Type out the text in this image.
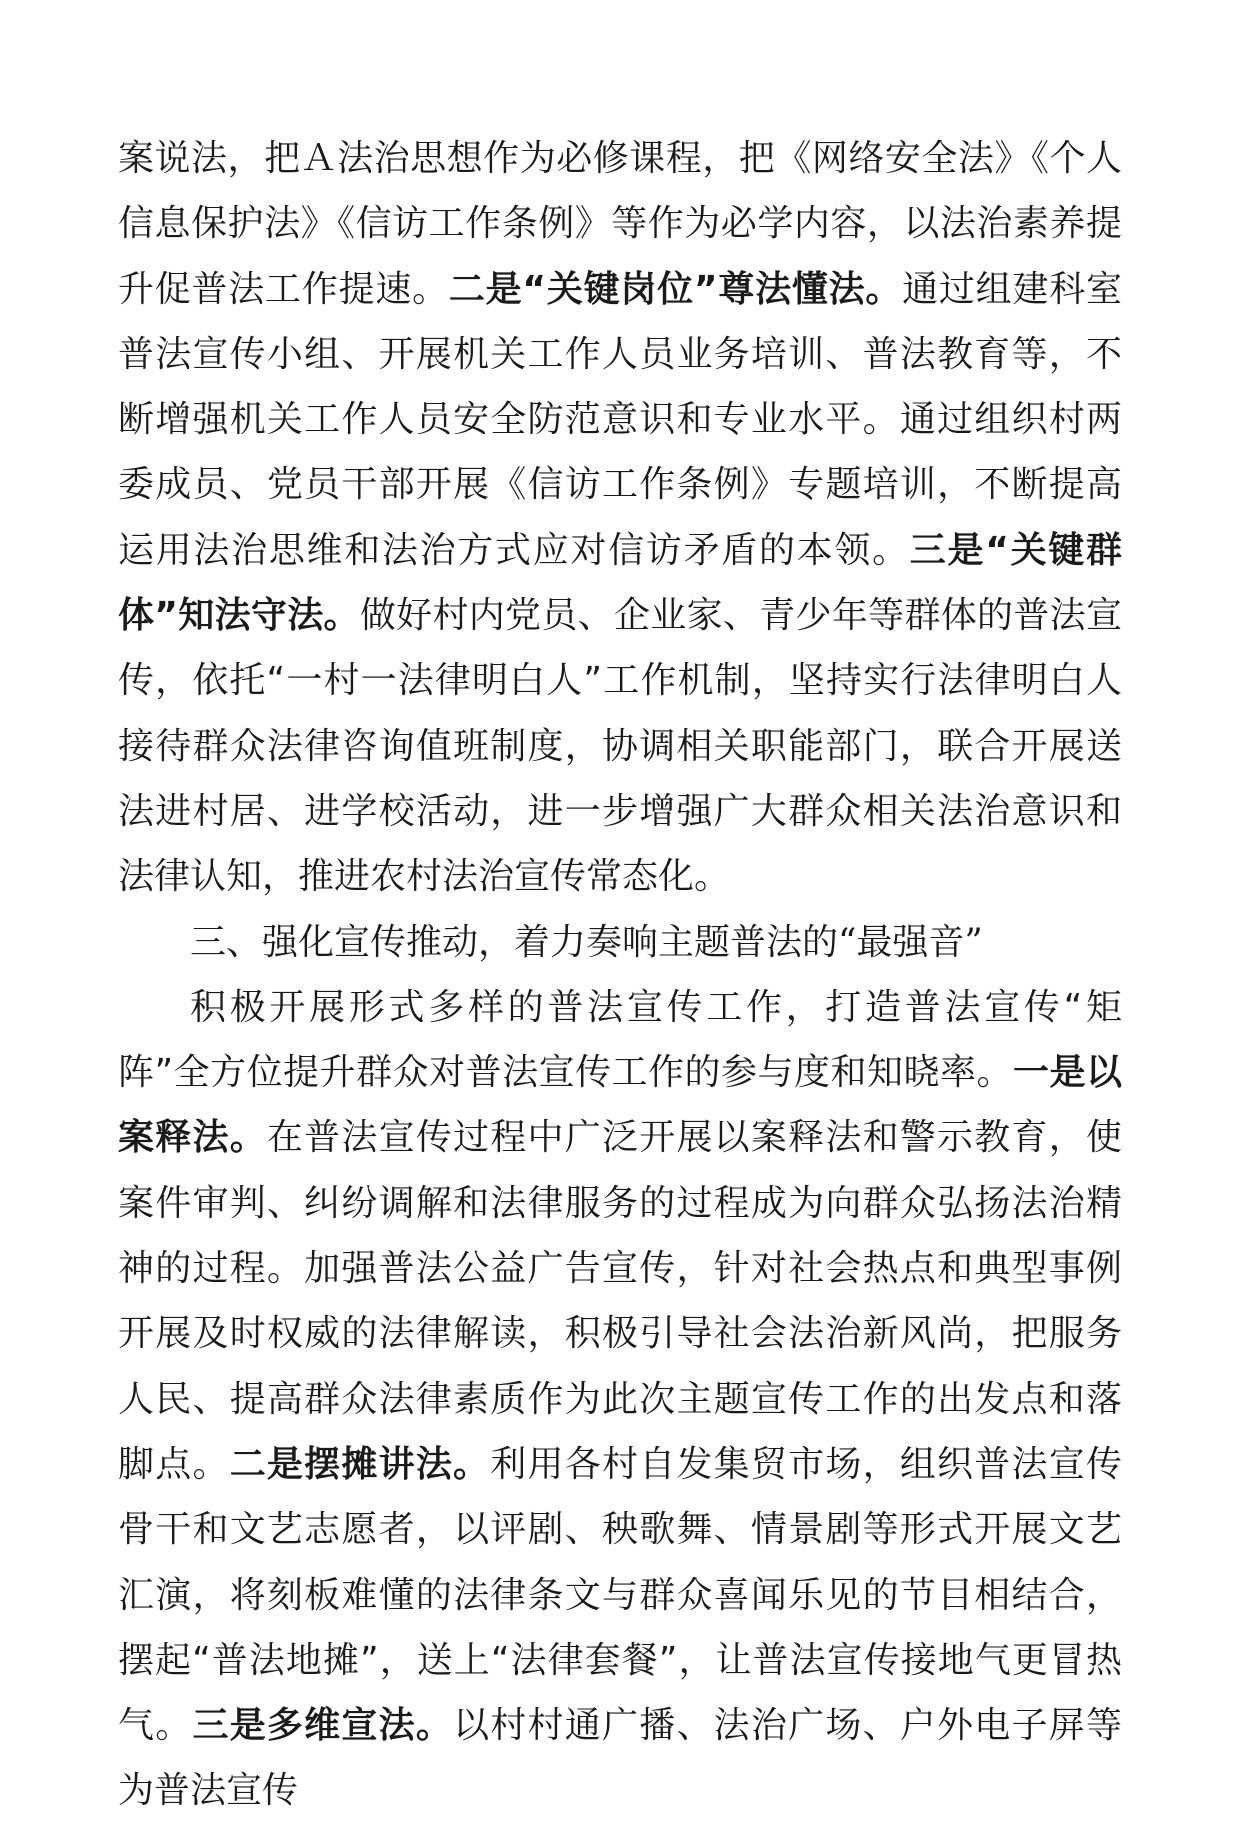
案说法，把Ａ法治思想作为必修课程，把《网络安全法》《个人信息保护法》《信访工作条例》等作为必学内容，以法治素养提升促普法工作提速。二是“关键岗位”尊法懂法。通过组建科室普法宣传小组、开展机关工作人员业务培训、普法教育等，不断增强机关工作人员安全防范意识和专业水平。通过组织村两委成员、党员干部开展《信访工作条例》专题培训，不断提高运用法治思维和法治方式应对信访矛盾的本领。三是“关键群体”知法守法。做好村内党员、企业家、青少年等群体的普法宣传，依托“一村一法律明白人”工作机制，坚持实行法律明白人接待群众法律咨询值班制度，协调相关职能部门，联合开展送法进村居、进学校活动，进一步增强广大群众相关法治意识和法律认知，推进农村法治宣传常态化。

三、强化宣传推动，着力奏响主题普法的“最强音”

积极开展形式多样的普法宣传工作，打造普法宣传“矩阵”全方位提升群众对普法宣传工作的参与度和知晓率。一是以案释法。在普法宣传过程中广泛开展以案释法和警示教育，使案件审判、纠纷调解和法律服务的过程成为向群众弘扬法治精神的过程。加强普法公益广告宣传，针对社会热点和典型事例开展及时权威的法律解读，积极引导社会法治新风尚，把服务人民、提高群众法律素质作为此次主题宣传工作的出发点和落脚点。二是摆摊讲法。利用各村自发集贸市场，组织普法宣传骨干和文艺志愿者，以评剧、秧歌舞、情景剧等形式开展文艺汇演，将刻板难懂的法律条文与群众喜闻乐见的节目相结合，摆起“普法地摊”，送上“法律套餐”，让普法宣传接地气更冒热气。三是多维宣法。以村村通广播、法治广场、户外电子屏等为普法宣传
